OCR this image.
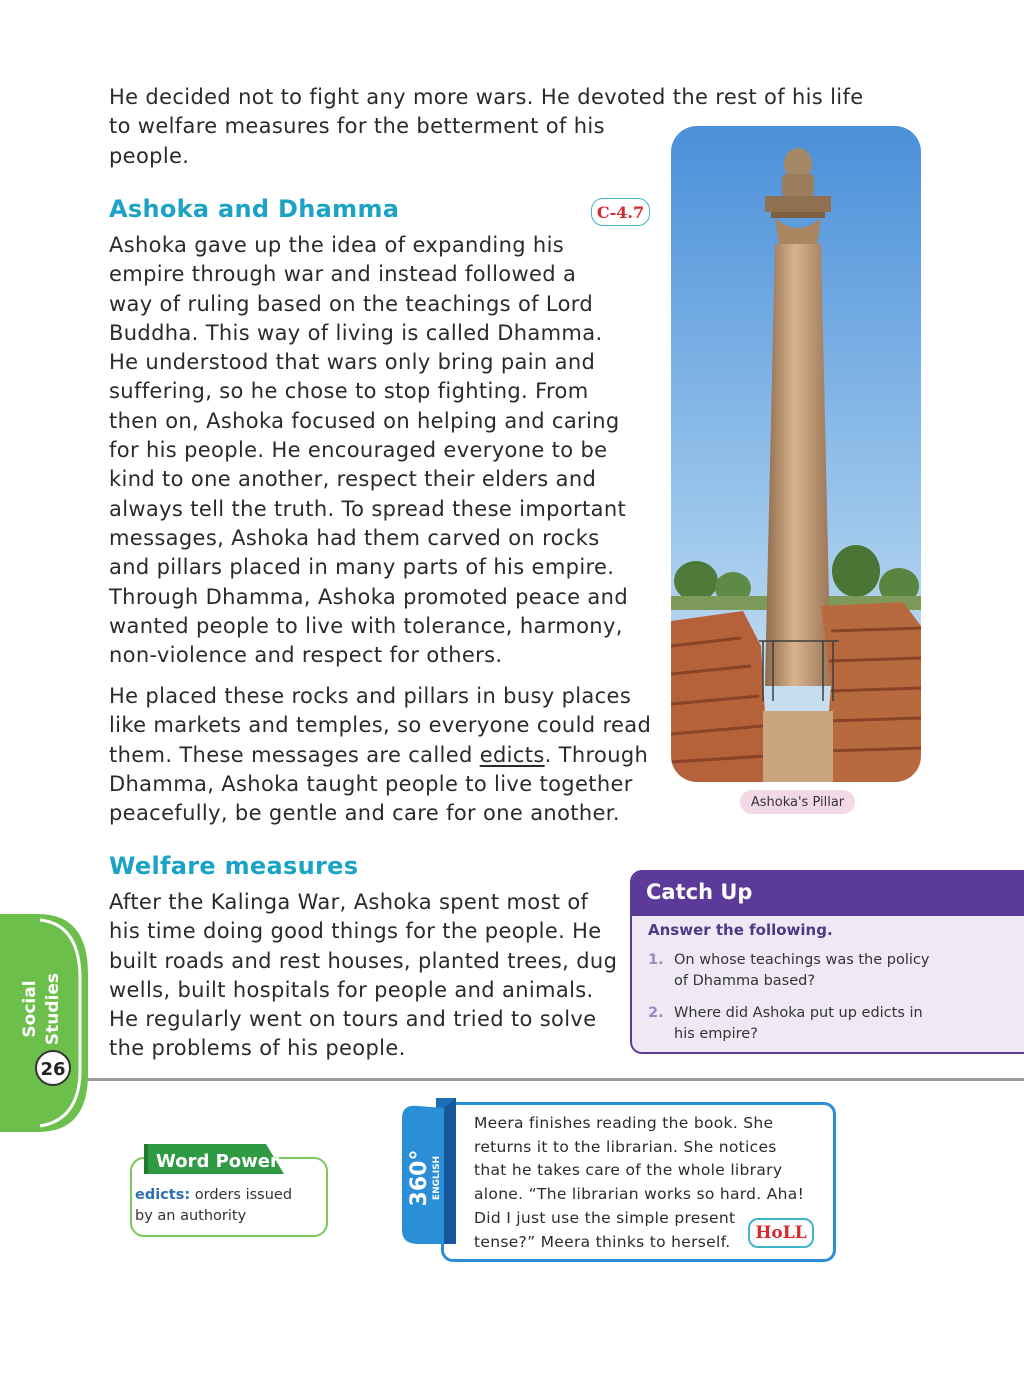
He decided not to fight any more wars. He devoted the rest of his life
to welfare measures for the betterment of his
people.
Ashoka and Dhamma	C-4.7
Ashoka gave up the idea of expanding his
empire through war and instead followed a
way of ruling based on the teachings of Lord
Buddha. This way of living is called Dhamma.
He understood that wars only bring pain and
suffering, so he chose to stop fighting. From
then on, Ashoka focused on helping and caring
for his people. He encouraged everyone to be
kind to one another, respect their elders and
always tell the truth. To spread these important
messages, Ashoka had them carved on rocks
and pillars placed in many parts of his empire.
Through Dhamma, Ashoka promoted peace and
wanted people to live with tolerance, harmony,
non-violence and respect for others.
He placed these rocks and pillars in busy places
like markets and temples, so everyone could read
them. These messages are called edicts. Through
Dhamma, Ashoka taught people to live together
peacefully, be gentle and care for one another.	Ashoka's Pillar
Welfare measures
After the Kalinga War, Ashoka spent most of
his time doing good things for the people. He
built roads and rest houses, planted trees, dug
wells, built hospitals for people and animals.
He regularly went on tours and tried to solve
the problems of his people.
Catch Up
Answer the following.
1. On whose teachings was the policy
of Dhamma based?
2. Where did Ashoka put up edicts in
his empire?
Social Studies
26
Word Power
edicts: orders issued
by an authority
360° ENGLISH
Meera finishes reading the book. She
returns it to the librarian. She notices
that he takes care of the whole library
alone. “The librarian works so hard. Aha!
Did I just use the simple present
tense?” Meera thinks to herself.	HoLL
